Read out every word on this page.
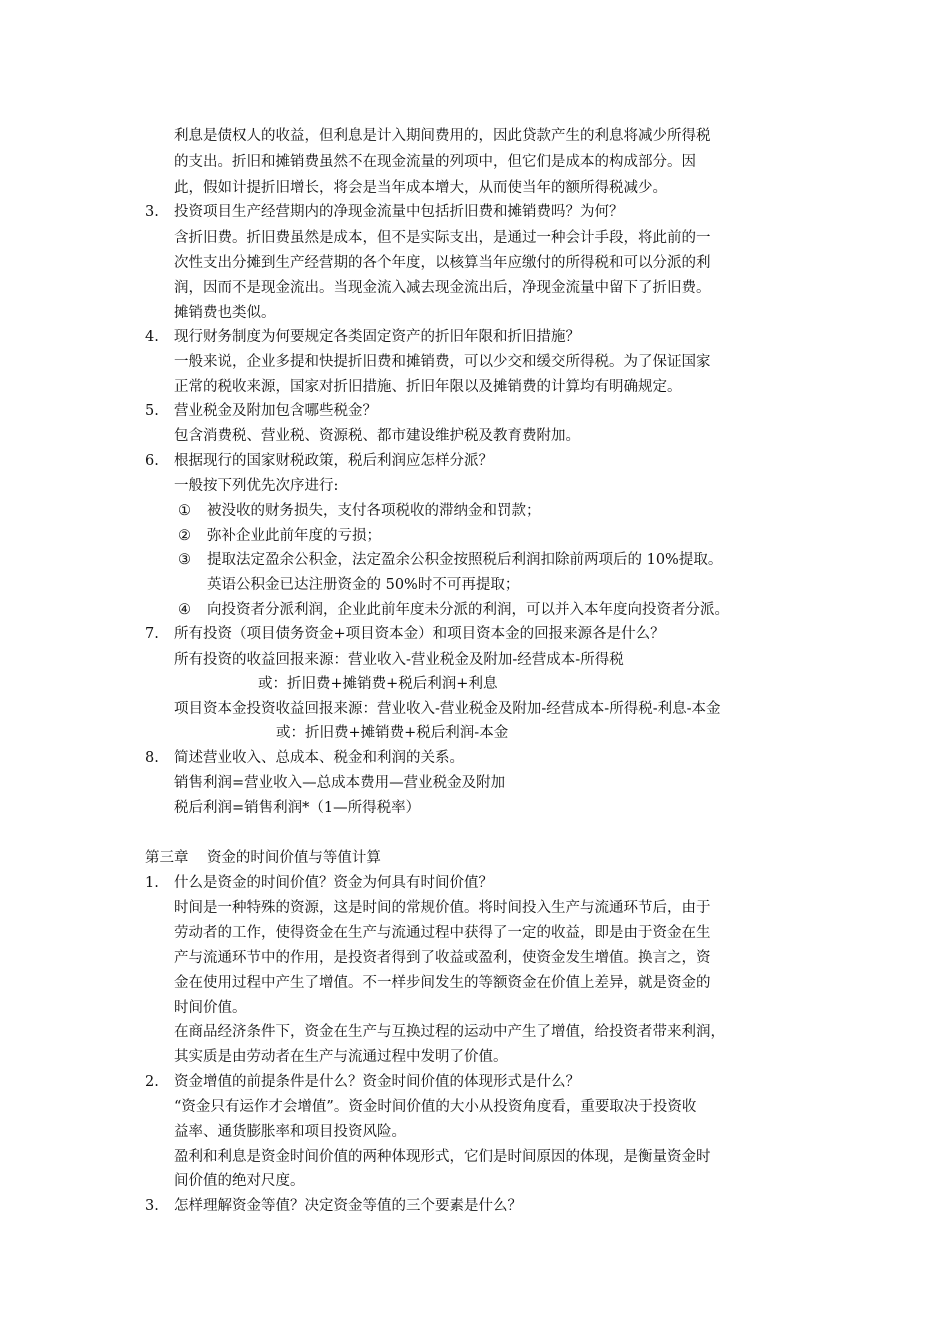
利息是债权人的收益，但利息是计入期间费用的，因此贷款产生的利息将减少所得税
的支出。折旧和摊销费虽然不在现金流量的列项中，但它们是成本的构成部分。因
此，假如计提折旧增长，将会是当年成本增大，从而使当年的额所得税减少。
3. 投资项目生产经营期内的净现金流量中包括折旧费和摊销费吗？为何？
含折旧费。折旧费虽然是成本，但不是实际支出，是通过一种会计手段，将此前的一
次性支出分摊到生产经营期的各个年度，以核算当年应缴付的所得税和可以分派的利
润，因而不是现金流出。当现金流入减去现金流出后，净现金流量中留下了折旧费。
摊销费也类似。
4. 现行财务制度为何要规定各类固定资产的折旧年限和折旧措施？
一般来说，企业多提和快提折旧费和摊销费，可以少交和缓交所得税。为了保证国家
正常的税收来源，国家对折旧措施、折旧年限以及摊销费的计算均有明确规定。
5. 营业税金及附加包含哪些税金？
包含消费税、营业税、资源税、都市建设维护税及教育费附加。
6. 根据现行的国家财税政策，税后利润应怎样分派？
一般按下列优先次序进行:
① 被没收的财务损失，支付各项税收的滞纳金和罚款；
② 弥补企业此前年度的亏损；
③ 提取法定盈余公积金，法定盈余公积金按照税后利润扣除前两项后的 10%提取。
英语公积金已达注册资金的 50%时不可再提取；
④ 向投资者分派利润，企业此前年度未分派的利润，可以并入本年度向投资者分派。
7. 所有投资（项目债务资金+项目资本金）和项目资本金的回报来源各是什么？
所有投资的收益回报来源：营业收入-营业税金及附加-经营成本-所得税
或：折旧费+摊销费+税后利润+利息
项目资本金投资收益回报来源：营业收入-营业税金及附加-经营成本-所得税-利息-本金
或：折旧费+摊销费+税后利润-本金
8. 简述营业收入、总成本、税金和利润的关系。
销售利润=营业收入—总成本费用—营业税金及附加
税后利润=销售利润*（1—所得税率）
第三章    资金的时间价值与等值计算
1. 什么是资金的时间价值？资金为何具有时间价值？
时间是一种特殊的资源，这是时间的常规价值。将时间投入生产与流通环节后，由于
劳动者的工作，使得资金在生产与流通过程中获得了一定的收益，即是由于资金在生
产与流通环节中的作用，是投资者得到了收益或盈利，使资金发生增值。换言之，资
金在使用过程中产生了增值。不一样步间发生的等额资金在价值上差异，就是资金的
时间价值。
在商品经济条件下，资金在生产与互换过程的运动中产生了增值，给投资者带来利润，
其实质是由劳动者在生产与流通过程中发明了价值。
2. 资金增值的前提条件是什么？资金时间价值的体现形式是什么？
“资金只有运作才会增值”。资金时间价值的大小从投资角度看，重要取决于投资收
益率、通货膨胀率和项目投资风险。
盈利和利息是资金时间价值的两种体现形式，它们是时间原因的体现，是衡量资金时
间价值的绝对尺度。
3. 怎样理解资金等值？决定资金等值的三个要素是什么？
